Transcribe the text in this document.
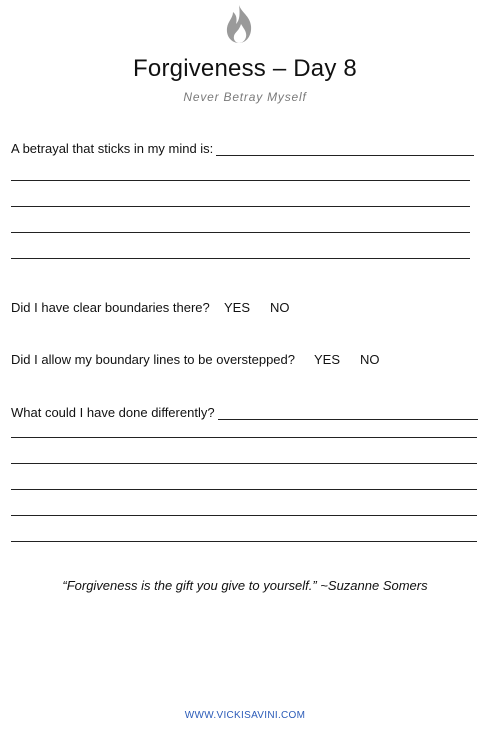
Forgiveness – Day 8
Never Betray Myself
A betrayal that sticks in my mind is:
Did I have clear boundaries there? YES NO
Did I allow my boundary lines to be overstepped? YES NO
What could I have done differently?
“Forgiveness is the gift you give to yourself.” ~Suzanne Somers
WWW.VICKISAVINI.COM
